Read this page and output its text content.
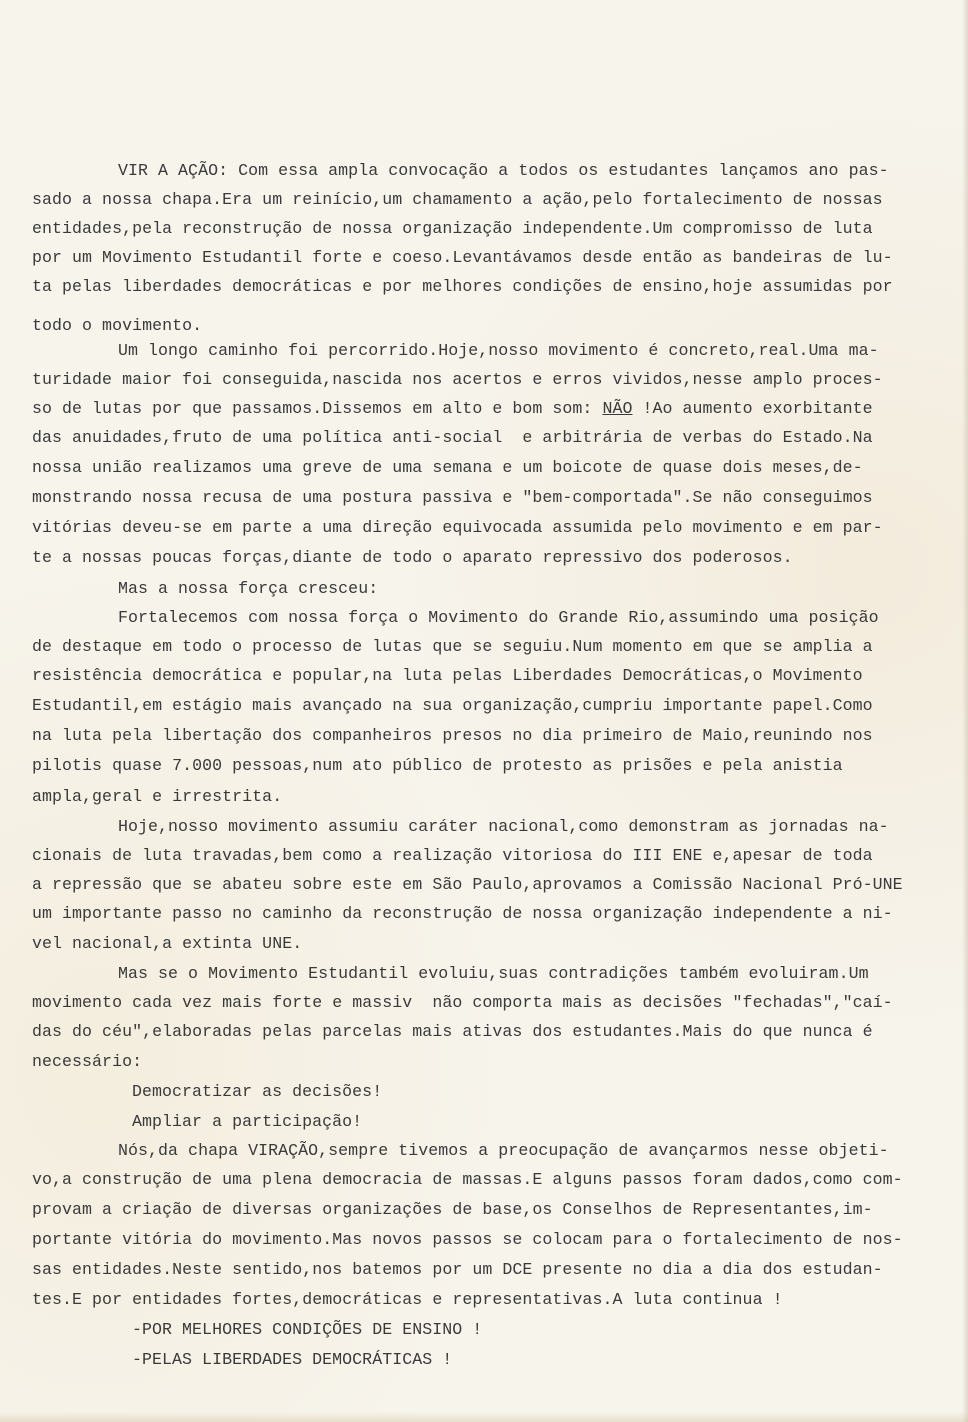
VIR A AÇÃO: Com essa ampla convocação a todos os estudantes lançamos ano pas-
sado a nossa chapa.Era um reinício,um chamamento a ação,pelo fortalecimento de nossas
entidades,pela reconstrução de nossa organização independente.Um compromisso de luta
por um Movimento Estudantil forte e coeso.Levantávamos desde então as bandeiras de lu-
ta pelas liberdades democráticas e por melhores condições de ensino,hoje assumidas por
todo o movimento.
Um longo caminho foi percorrido.Hoje,nosso movimento é concreto,real.Uma ma-
turidade maior foi conseguida,nascida nos acertos e erros vividos,nesse amplo proces-
so de lutas por que passamos.Dissemos em alto e bom som: NÃO !Ao aumento exorbitante
das anuidades,fruto de uma política anti-social  e arbitrária de verbas do Estado.Na
nossa união realizamos uma greve de uma semana e um boicote de quase dois meses,de-
monstrando nossa recusa de uma postura passiva e "bem-comportada".Se não conseguimos
vitórias deveu-se em parte a uma direção equivocada assumida pelo movimento e em par-
te a nossas poucas forças,diante de todo o aparato repressivo dos poderosos.
Mas a nossa força cresceu:
Fortalecemos com nossa força o Movimento do Grande Rio,assumindo uma posição
de destaque em todo o processo de lutas que se seguiu.Num momento em que se amplia a
resistência democrática e popular,na luta pelas Liberdades Democráticas,o Movimento
Estudantil,em estágio mais avançado na sua organização,cumpriu importante papel.Como
na luta pela libertação dos companheiros presos no dia primeiro de Maio,reunindo nos
pilotis quase 7.000 pessoas,num ato público de protesto as prisões e pela anistia
ampla,geral e irrestrita.
Hoje,nosso movimento assumiu caráter nacional,como demonstram as jornadas na-
cionais de luta travadas,bem como a realização vitoriosa do III ENE e,apesar de toda
a repressão que se abateu sobre este em São Paulo,aprovamos a Comissão Nacional Pró-UNE
um importante passo no caminho da reconstrução de nossa organização independente a ni-
vel nacional,a extinta UNE.
Mas se o Movimento Estudantil evoluiu,suas contradições também evoluiram.Um
movimento cada vez mais forte e massiv  não comporta mais as decisões "fechadas","caí-
das do céu",elaboradas pelas parcelas mais ativas dos estudantes.Mais do que nunca é
necessário:
Democratizar as decisões!
Ampliar a participação!
Nós,da chapa VIRAÇÃO,sempre tivemos a preocupação de avançarmos nesse objeti-
vo,a construção de uma plena democracia de massas.E alguns passos foram dados,como com-
provam a criação de diversas organizações de base,os Conselhos de Representantes,im-
portante vitória do movimento.Mas novos passos se colocam para o fortalecimento de nos-
sas entidades.Neste sentido,nos batemos por um DCE presente no dia a dia dos estudan-
tes.E por entidades fortes,democráticas e representativas.A luta continua !
-POR MELHORES CONDIÇÕES DE ENSINO !
-PELAS LIBERDADES DEMOCRÁTICAS !
